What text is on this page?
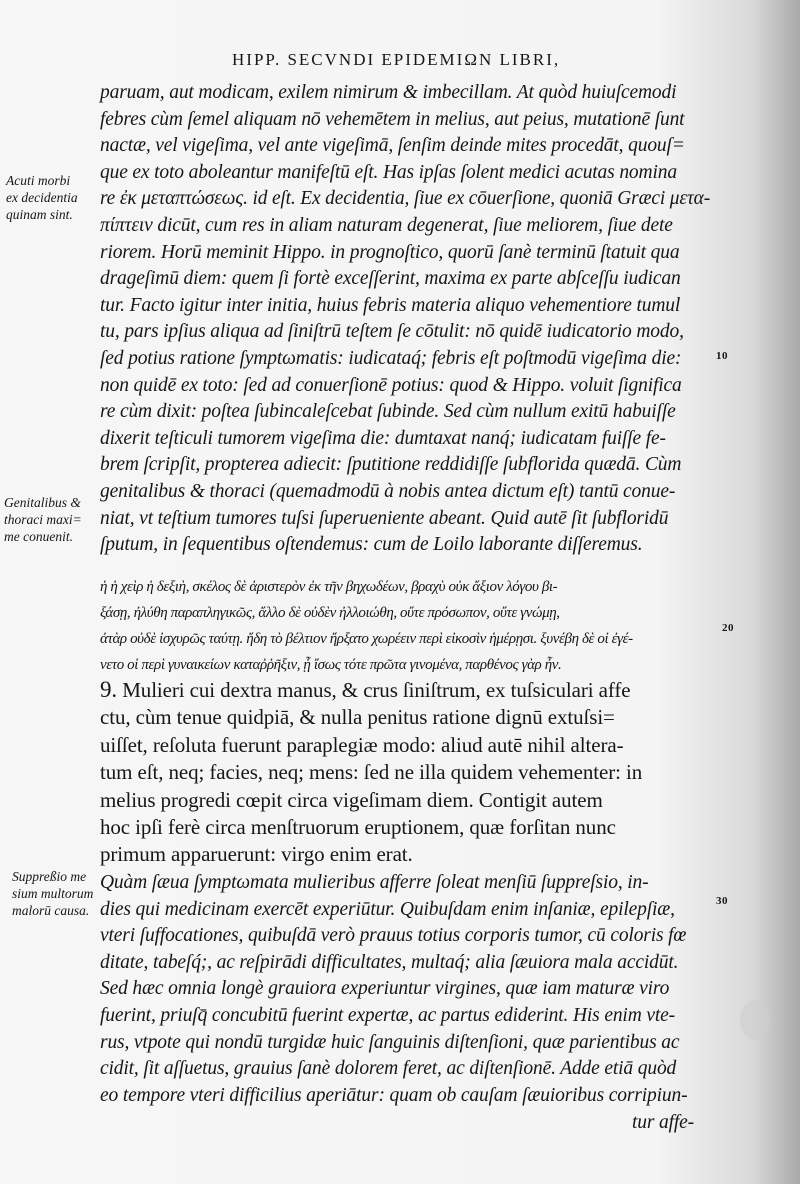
HIPP. SECVNDI EPIDEMIΩN LIBRI,
paruam, aut modicam, exilem nimirum & imbecillam. At quòd huiuſcemodi
febres cùm ſemel aliquam nō vehemētem in melius, aut peius, mutationē ſunt
nactæ, vel vigeſima, vel ante vigeſimā, ſenſim deinde mites procedāt, quouſ=
que ex toto aboleantur manifeſtū eſt. Has ipſas ſolent medici acutas nomina
re ἐκ μεταπτώσεως. id eſt. Ex decidentia, ſiue ex cōuerſione, quoniā Græci μετα-
πίπτειν dicūt, cum res in aliam naturam degenerat, ſiue meliorem, ſiue dete
riorem. Horū meminit Hippo. in prognoſtico, quorū ſanè terminū ſtatuit qua
drageſimū diem: quem ſi fortè exceſſerint, maxima ex parte abſceſſu iudican
tur. Facto igitur inter initia, huius febris materia aliquo vehementiore tumul
tu, pars ipſius aliqua ad ſiniſtrū teſtem ſe cōtulit: nō quidē iudicatorio modo,
ſed potius ratione ſymptωmatis: iudicataq́; febris eſt poſtmodū vigeſima die:
non quidē ex toto: ſed ad conuerſionē potius: quod & Hippo. voluit ſignifica
re cùm dixit: poſtea ſubincaleſcebat ſubinde. Sed cùm nullum exitū habuiſſe
dixerit teſticuli tumorem vigeſima die: dumtaxat nanq́; iudicatam fuiſſe fe-
brem ſcripſit, propterea adiecit: ſputitione reddidiſſe ſubflorida quædā. Cùm
genitalibus & thoraci (quemadmodū à nobis antea dictum eſt) tantū conue-
niat, vt teſtium tumores tuſsi ſuperueniente abeant. Quid autē ſit ſubfloridū
ſputum, in ſequentibus oſtendemus: cum de Loilo laborante diſſeremus.
ἡ ἡ χεὶρ ἡ δεξιὴ, σκέλος δὲ ἀριστερὸν ἐκ τῆν βηχωδέων, βραχὺ οὐκ ἄξιον λόγου βι-
ξάσῃ, ἠλύθη παραπληγικῶς, ἄλλο δὲ οὐδὲν ἠλλοιώθη, οὔτε πρόσωπον, οὔτε γνώμῃ,
ἀτὰρ οὐδὲ ἰσχυρῶς ταύτῃ. ἤδη τὸ βέλτιον ἤρξατο χωρέειν περὶ εἰκοσὶν ἡμέρῃσι. ξυνέβη δὲ οἱ ἐγέ-
νετο οἱ περὶ γυναικείων καταῤῥῆξιν, ᾗ ἴσως τότε πρῶτα γινομένα, παρθένος γὰρ ἦν.
9. Mulieri cui dextra manus, & crus ſiniſtrum, ex tuſsiculari affe
ctu, cùm tenue quidpiā, & nulla penitus ratione dignū extuſsi=
uiſſet, reſoluta fuerunt paraplegiæ modo: aliud autē nihil altera-
tum eſt, neq; facies, neq; mens: ſed ne illa quidem vehementer: in
melius progredi cœpit circa vigeſimam diem. Contigit autem
hoc ipſi ferè circa menſtruorum eruptionem, quæ forſitan nunc
primum apparuerunt: virgo enim erat.
Quàm ſæua ſymptωmata mulieribus afferre ſoleat menſiū ſuppreſsio, in-
dies qui medicinam exercēt experiūtur. Quibuſdam enim inſaniæ, epilepſiæ,
vteri ſuffocationes, quibuſdā verò prauus totius corporis tumor, cū coloris fœ
ditate, tabeſq́;, ac reſpirādi difficultates, multaq́; alia ſæuiora mala accidūt.
Sed hæc omnia longè grauiora experiuntur virgines, quæ iam maturæ viro
fuerint, priuſq̄ concubitū fuerint expertæ, ac partus ediderint. His enim vte-
rus, vtpote qui nondū turgidæ huic ſanguinis diſtenſioni, quæ parientibus ac
cidit, ſit aſſuetus, grauius ſanè dolorem feret, ac diſtenſionē. Adde etiā quòd
eo tempore vteri difficilius aperiātur: quam ob cauſam ſæuioribus corripiun-
tur affe-
Acuti morbi
ex decidentia
quinam sint.
Genitalibus &
thoraci maxi=
me conuenit.
Suppreßio me
sium multorum
malorū causa.
10
20
30
